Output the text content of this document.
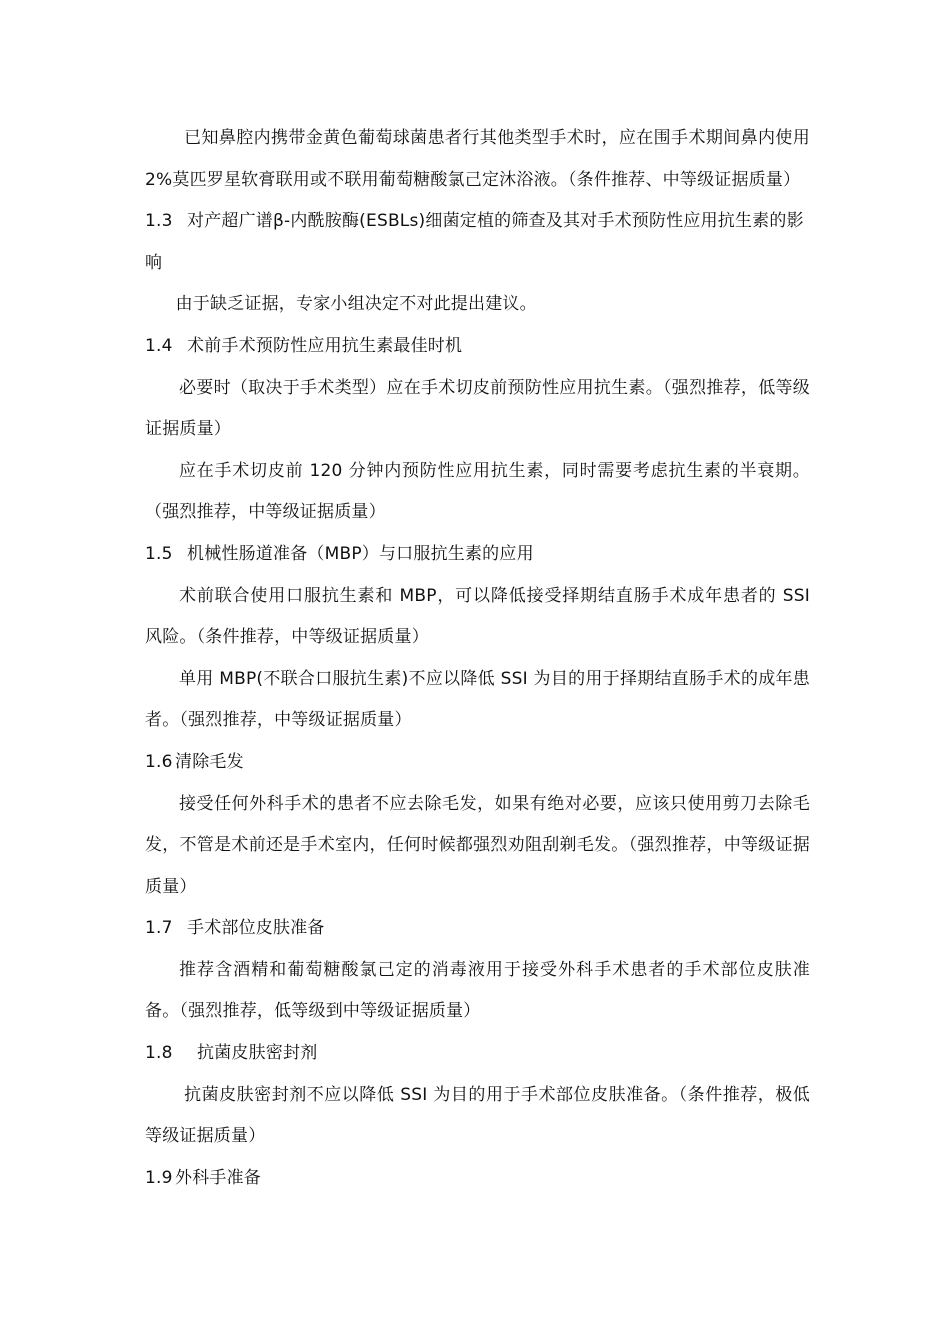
已知鼻腔内携带金黄色葡萄球菌患者行其他类型手术时，应在围手术期间鼻内使用 2%莫匹罗星软膏联用或不联用葡萄糖酸氯己定沐浴液。（条件推荐、中等级证据质量）

1.3 对产超广谱β-内酰胺酶(ESBLs)细菌定植的筛查及其对手术预防性应用抗生素的影响

由于缺乏证据，专家小组决定不对此提出建议。

1.4 术前手术预防性应用抗生素最佳时机

必要时（取决于手术类型）应在手术切皮前预防性应用抗生素。（强烈推荐，低等级证据质量）

应在手术切皮前 120 分钟内预防性应用抗生素，同时需要考虑抗生素的半衰期。（强烈推荐，中等级证据质量）

1.5 机械性肠道准备（MBP）与口服抗生素的应用

术前联合使用口服抗生素和 MBP，可以降低接受择期结直肠手术成年患者的 SSI 风险。（条件推荐，中等级证据质量）

单用 MBP(不联合口服抗生素)不应以降低 SSI 为目的用于择期结直肠手术的成年患者。（强烈推荐，中等级证据质量）

1.6 清除毛发

接受任何外科手术的患者不应去除毛发，如果有绝对必要，应该只使用剪刀去除毛发，不管是术前还是手术室内，任何时候都强烈劝阻刮剃毛发。（强烈推荐，中等级证据质量）

1.7 手术部位皮肤准备

推荐含酒精和葡萄糖酸氯己定的消毒液用于接受外科手术患者的手术部位皮肤准备。（强烈推荐，低等级到中等级证据质量）

1.8 抗菌皮肤密封剂

抗菌皮肤密封剂不应以降低 SSI 为目的用于手术部位皮肤准备。（条件推荐，极低等级证据质量）

1.9 外科手准备
